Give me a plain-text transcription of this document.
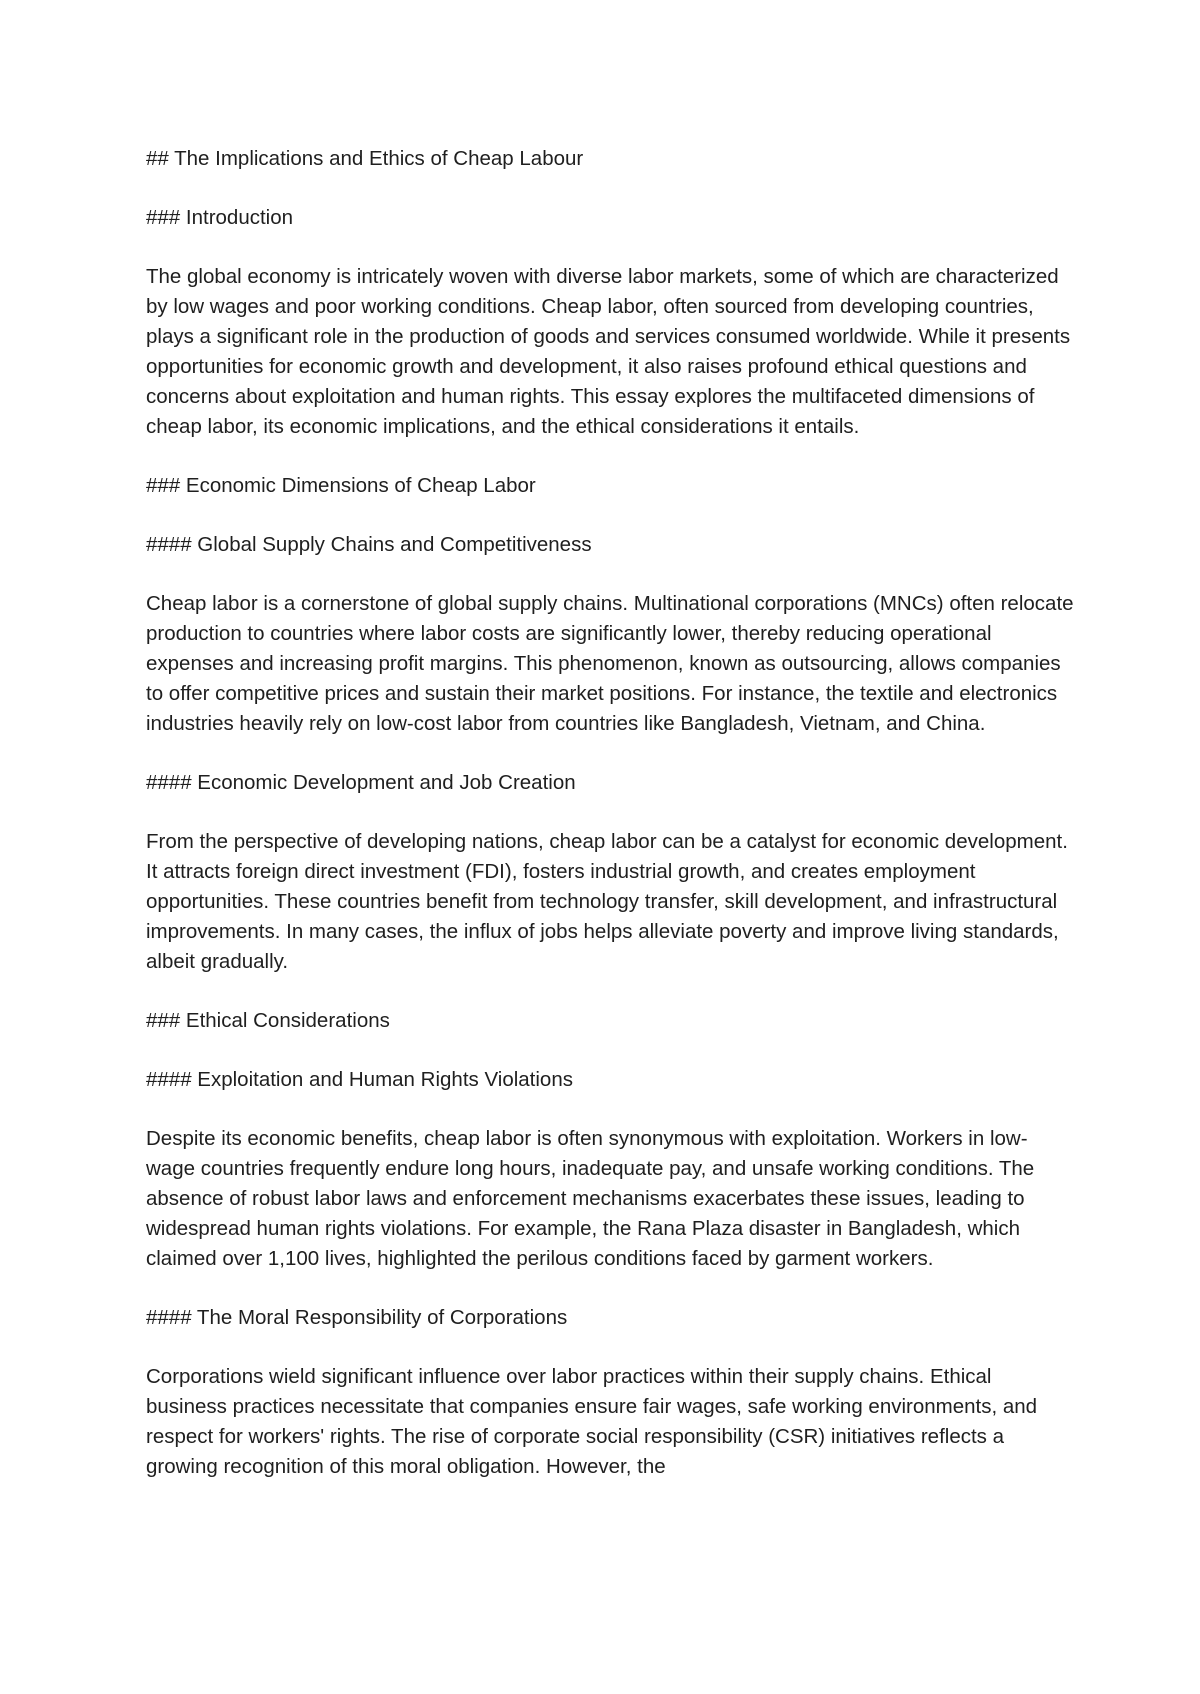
## The Implications and Ethics of Cheap Labour

### Introduction

The global economy is intricately woven with diverse labor markets, some of which are characterized by low wages and poor working conditions. Cheap labor, often sourced from developing countries, plays a significant role in the production of goods and services consumed worldwide. While it presents opportunities for economic growth and development, it also raises profound ethical questions and concerns about exploitation and human rights. This essay explores the multifaceted dimensions of cheap labor, its economic implications, and the ethical considerations it entails.

### Economic Dimensions of Cheap Labor

#### Global Supply Chains and Competitiveness

Cheap labor is a cornerstone of global supply chains. Multinational corporations (MNCs) often relocate production to countries where labor costs are significantly lower, thereby reducing operational expenses and increasing profit margins. This phenomenon, known as outsourcing, allows companies to offer competitive prices and sustain their market positions. For instance, the textile and electronics industries heavily rely on low-cost labor from countries like Bangladesh, Vietnam, and China.

#### Economic Development and Job Creation

From the perspective of developing nations, cheap labor can be a catalyst for economic development. It attracts foreign direct investment (FDI), fosters industrial growth, and creates employment opportunities. These countries benefit from technology transfer, skill development, and infrastructural improvements. In many cases, the influx of jobs helps alleviate poverty and improve living standards, albeit gradually.

### Ethical Considerations

#### Exploitation and Human Rights Violations

Despite its economic benefits, cheap labor is often synonymous with exploitation. Workers in low-wage countries frequently endure long hours, inadequate pay, and unsafe working conditions. The absence of robust labor laws and enforcement mechanisms exacerbates these issues, leading to widespread human rights violations. For example, the Rana Plaza disaster in Bangladesh, which claimed over 1,100 lives, highlighted the perilous conditions faced by garment workers.

#### The Moral Responsibility of Corporations

Corporations wield significant influence over labor practices within their supply chains. Ethical business practices necessitate that companies ensure fair wages, safe working environments, and respect for workers' rights. The rise of corporate social responsibility (CSR) initiatives reflects a growing recognition of this moral obligation. However, the
